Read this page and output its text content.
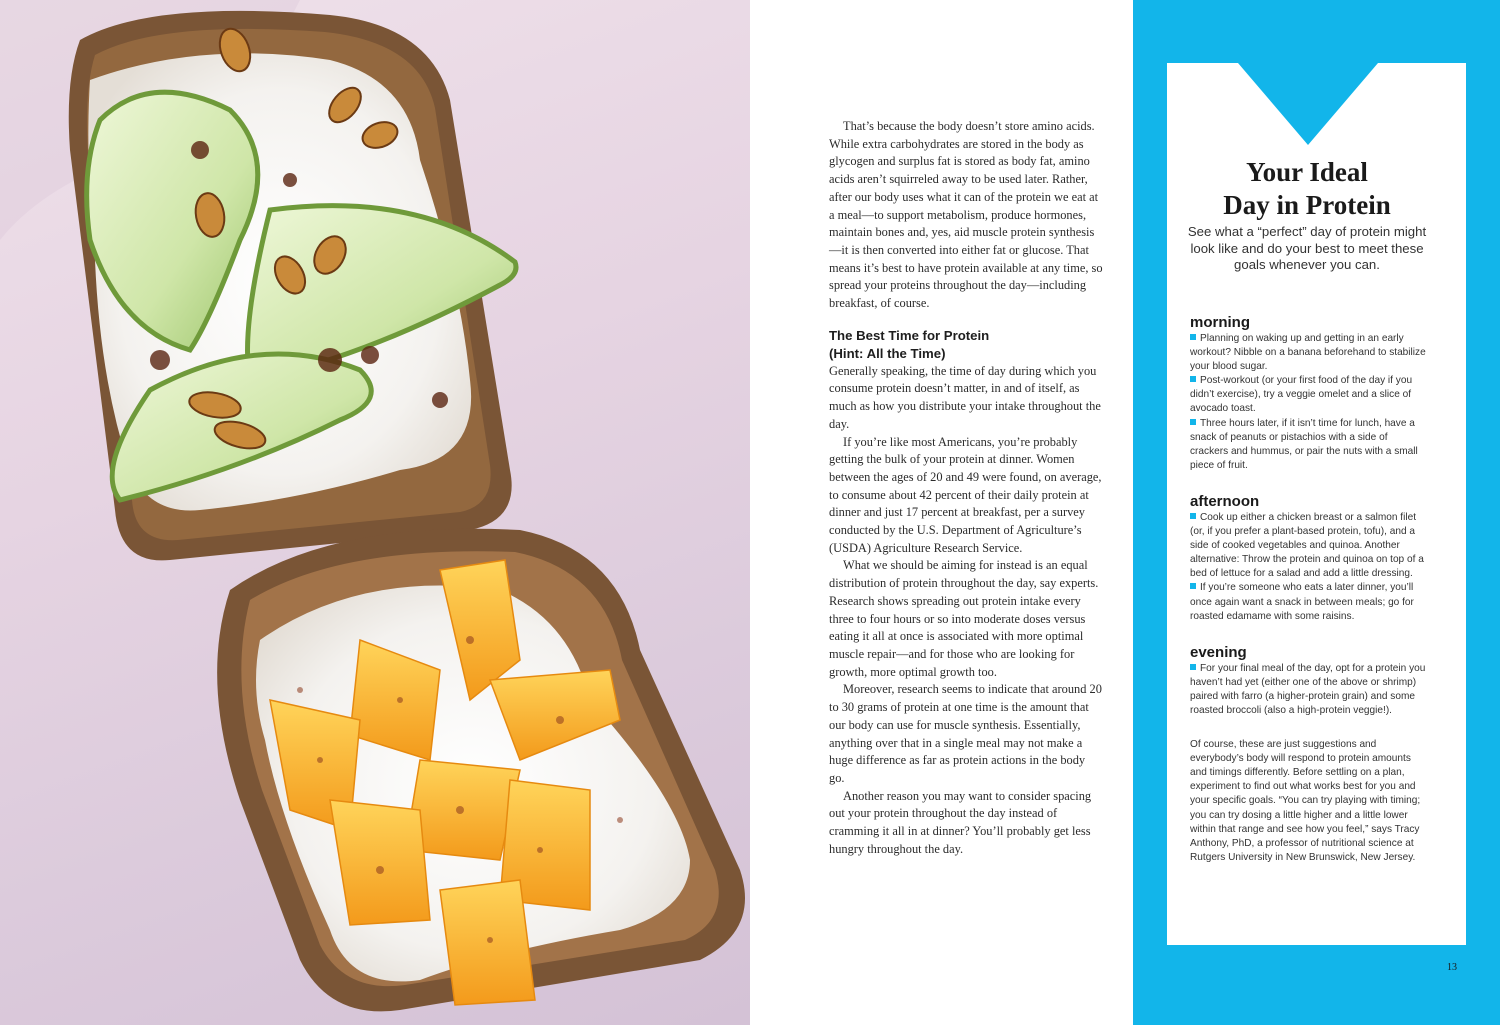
That’s because the body doesn’t store amino acids. While extra carbohydrates are stored in the body as glycogen and surplus fat is stored as body fat, amino acids aren’t squirreled away to be used later. Rather, after our body uses what it can of the protein we eat at a meal—to support metabolism, produce hormones, maintain bones and, yes, aid muscle protein synthesis—it is then converted into either fat or glucose. That means it’s best to have protein available at any time, so spread your proteins throughout the day—including breakfast, of course.

The Best Time for Protein
(Hint: All the Time)

Generally speaking, the time of day during which you consume protein doesn’t matter, in and of itself, as much as how you distribute your intake throughout the day.

If you’re like most Americans, you’re probably getting the bulk of your protein at dinner. Women between the ages of 20 and 49 were found, on average, to consume about 42 percent of their daily protein at dinner and just 17 percent at breakfast, per a survey conducted by the U.S. Department of Agriculture’s (USDA) Agriculture Research Service.

What we should be aiming for instead is an equal distribution of protein throughout the day, say experts. Research shows spreading out protein intake every three to four hours or so into moderate doses versus eating it all at once is associated with more optimal muscle repair—and for those who are looking for growth, more optimal growth too.

Moreover, research seems to indicate that around 20 to 30 grams of protein at one time is the amount that our body can use for muscle synthesis. Essentially, anything over that in a single meal may not make a huge difference as far as protein actions in the body go.

Another reason you may want to consider spacing out your protein throughout the day instead of cramming it all in at dinner? You’ll probably get less hungry throughout the day.

Your Ideal
Day in Protein
See what a “perfect” day of protein might look like and do your best to meet these goals whenever you can.
morning

Planning on waking up and getting in an early workout? Nibble on a banana beforehand to stabilize your blood sugar.

Post-workout (or your first food of the day if you didn’t exercise), try a veggie omelet and a slice of avocado toast.

Three hours later, if it isn’t time for lunch, have a snack of peanuts or pistachios with a side of crackers and hummus, or pair the nuts with a small piece of fruit.

afternoon

Cook up either a chicken breast or a salmon filet (or, if you prefer a plant-based protein, tofu), and a side of cooked vegetables and quinoa. Another alternative: Throw the protein and quinoa on top of a bed of lettuce for a salad and add a little dressing.

If you’re someone who eats a later dinner, you’ll once again want a snack in between meals; go for roasted edamame with some raisins.

evening

For your final meal of the day, opt for a protein you haven’t had yet (either one of the above or shrimp) paired with farro (a higher-protein grain) and some roasted broccoli (also a high-protein veggie!).

Of course, these are just suggestions and everybody’s body will respond to protein amounts and timings differently. Before settling on a plan, experiment to find out what works best for you and your specific goals. “You can try playing with timing; you can try dosing a little higher and a little lower within that range and see how you feel,” says Tracy Anthony, PhD, a professor of nutritional science at Rutgers University in New Brunswick, New Jersey.

13
